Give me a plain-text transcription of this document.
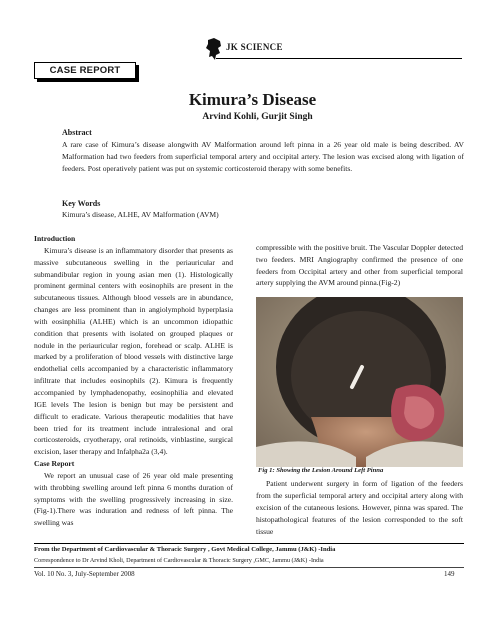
JK SCIENCE
CASE REPORT
Kimura’s Disease
Arvind Kohli, Gurjit Singh
Abstract
A rare case of Kimura’s disease alongwith AV Malformation around left pinna in a 26 year old male is being described. AV Malformation had two feeders from superficial temporal artery and occipital artery. The lesion was excised along with ligation of feeders. Post operatively patient was put on systemic corticosteroid therapy with some benefits.
Key Words
Kimura’s disease, ALHE, AV Malformation (AVM)

Introduction

Kimura’s disease is an inflammatory disorder that presents as massive subcutaneous swelling in the periauricular and submandibular region in young asian men (1). Histologically prominent germinal centers with eosinophils are present in the subcutaneous tissues. Although blood vessels are in abundance, changes are less prominent than in angiolymphoid hyperplasia with eosinphilia (ALHE) which is an uncommon idiopathic condition that presents with isolated on grouped plaques or nodule in the periauricular region, forehead or scalp. ALHE is marked by a proliferation of blood vessels with distinctive large endothelial cells accompanied by a characteristic inflammatory infiltrate that includes eosinophils (2). Kimura is frequently accompanied by lymphadenopathy, eosinophilia and elevated IGE levels The lesion is benign but may be persistent and difficult to eradicate. Various therapeutic modalities that have been tried for its treatment include intralesional and oral corticosteroids, cryotherapy, oral retinoids, vinblastine, surgical excision, laser therapy and Infalpha2a (3,4).

Case Report

We report an unusual case of 26 year old male presenting with throbbing swelling around left pinna 6 months duration of symptoms with the swelling progressively increasing in size.(Fig-1).There was induration and redness of left pinna. The swelling was

compressible with the positive bruit. The Vascular Doppler detected two feeders. MRI Angiography confirmed the presence of one feeders from Occipital artery and other from superficial temporal artery supplying the AVM around pinna.(Fig-2)
Fig 1: Showing the Lesion Around Left Pinna
Patient underwent surgery in form of ligation of the feeders from the superficial temporal artery and occipital artery along with excision of the cutaneous lesions. However, pinna was spared. The histopathological features of the lesion corresponded to the soft tissue
From the Department of Cardiovascular & Thoracic Surgery , Govt Medical College, Jammu (J&K) -India
Correspondence to Dr Arvind Kholi, Department of Cardiovascular & Thoracic Surgery ,GMC, Jammu (J&K) -India
Vol. 10 No. 3, July-September 2008	149
